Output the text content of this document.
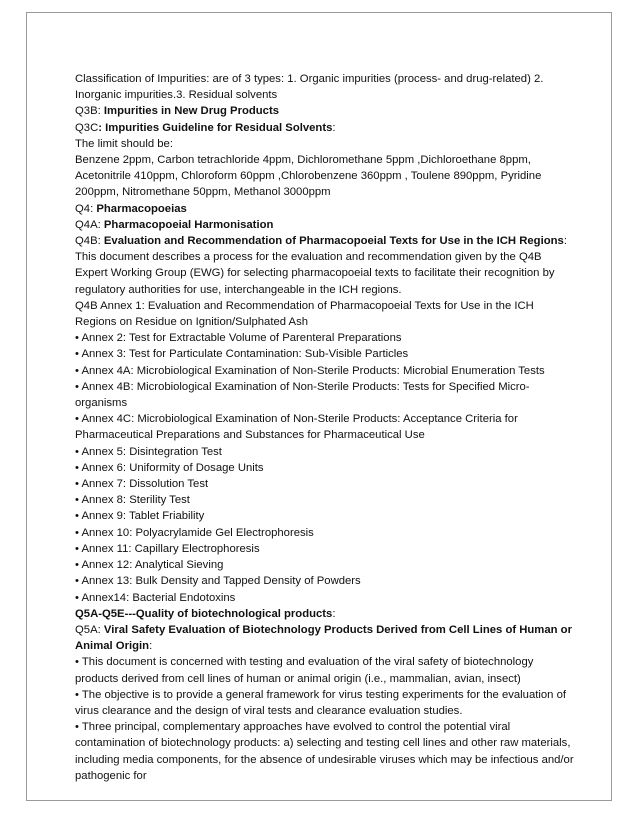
Classification of Impurities: are of 3 types: 1. Organic impurities (process- and drug-related) 2. Inorganic impurities.3. Residual solvents

Q3B: Impurities in New Drug Products

Q3C: Impurities Guideline for Residual Solvents:

The limit should be:

Benzene 2ppm, Carbon tetrachloride 4ppm, Dichloromethane 5ppm ,Dichloroethane 8ppm, Acetonitrile 410ppm, Chloroform 60ppm ,Chlorobenzene 360ppm , Toulene 890ppm, Pyridine 200ppm, Nitromethane 50ppm, Methanol 3000ppm

Q4: Pharmacopoeias

Q4A: Pharmacopoeial Harmonisation

Q4B: Evaluation and Recommendation of Pharmacopoeial Texts for Use in the ICH Regions:

This document describes a process for the evaluation and recommendation given by the Q4B Expert Working Group (EWG) for selecting pharmacopoeial texts to facilitate their recognition by regulatory authorities for use, interchangeable in the ICH regions.

Q4B Annex 1: Evaluation and Recommendation of Pharmacopoeial Texts for Use in the ICH Regions on Residue on Ignition/Sulphated Ash

• Annex 2: Test for Extractable Volume of Parenteral Preparations

• Annex 3: Test for Particulate Contamination: Sub-Visible Particles

• Annex 4A: Microbiological Examination of Non-Sterile Products: Microbial Enumeration Tests

• Annex 4B: Microbiological Examination of Non-Sterile Products: Tests for Specified Micro-organisms

• Annex 4C: Microbiological Examination of Non-Sterile Products: Acceptance Criteria for Pharmaceutical Preparations and Substances for Pharmaceutical Use

• Annex 5: Disintegration Test

• Annex 6: Uniformity of Dosage Units

• Annex 7: Dissolution Test

• Annex 8: Sterility Test

• Annex 9: Tablet Friability

• Annex 10: Polyacrylamide Gel Electrophoresis

• Annex 11: Capillary Electrophoresis

• Annex 12: Analytical Sieving

• Annex 13: Bulk Density and Tapped Density of Powders

• Annex14: Bacterial Endotoxins

Q5A-Q5E---Quality of biotechnological products:

Q5A: Viral Safety Evaluation of Biotechnology Products Derived from Cell Lines of Human or Animal Origin:

• This document is concerned with testing and evaluation of the viral safety of biotechnology products derived from cell lines of human or animal origin (i.e., mammalian, avian, insect)

• The objective is to provide a general framework for virus testing experiments for the evaluation of virus clearance and the design of viral tests and clearance evaluation studies.

• Three principal, complementary approaches have evolved to control the potential viral contamination of biotechnology products: a) selecting and testing cell lines and other raw materials, including media components, for the absence of undesirable viruses which may be infectious and/or pathogenic for
